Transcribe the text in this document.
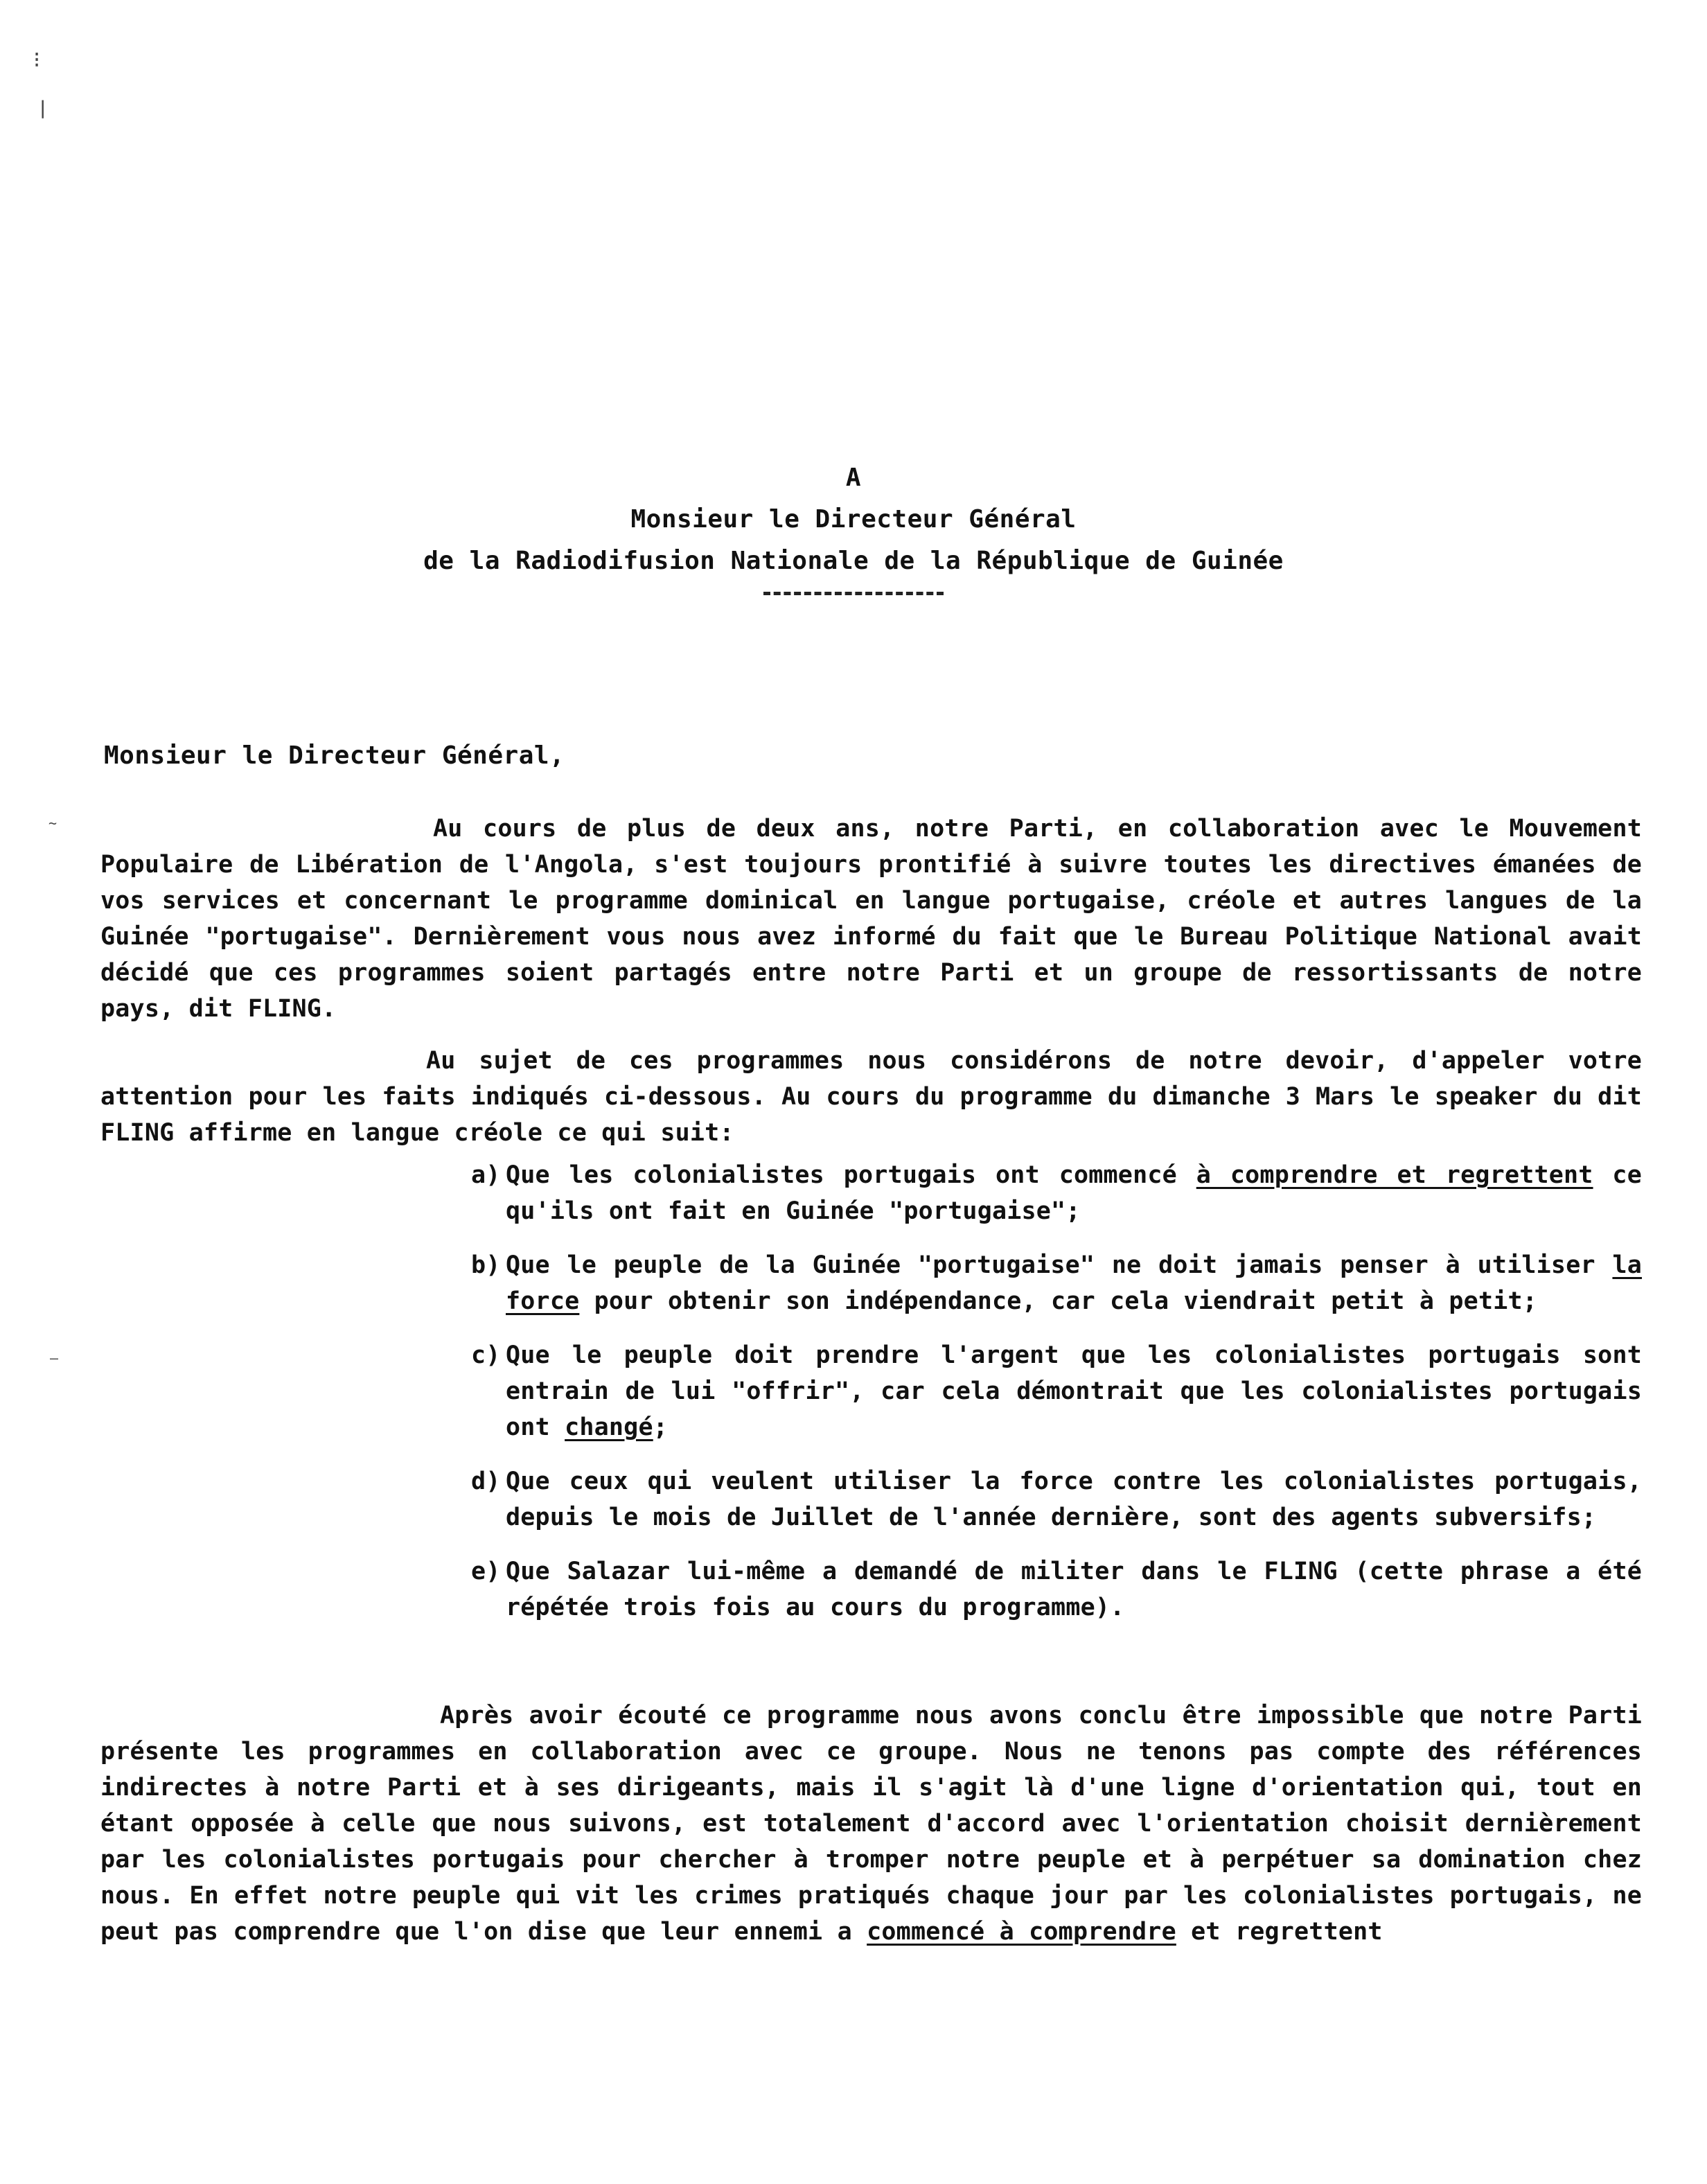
⁝
❘
~
–
A
Monsieur le Directeur Général
de la Radiodifusion Nationale de la République de Guinée
Monsieur le Directeur Général,
Au cours de plus de deux ans, notre Parti, en collaboration avec le Mouvement Populaire de Libération de l'Angola, s'est toujours prontifié à suivre toutes les directives émanées de vos services et concernant le programme dominical en langue portugaise, créole et autres langues de la Guinée "portugaise". Dernièrement vous nous avez informé du fait que le Bureau Politique National avait décidé que ces programmes soient partagés entre notre Parti et un groupe de ressortissants de notre pays, dit FLING.
Au sujet de ces programmes nous considérons de notre devoir, d'appeler votre attention pour les faits indiqués ci-dessous. Au cours du programme du dimanche 3 Mars le speaker du dit FLING affirme en langue créole ce qui suit:
a) Que les colonialistes portugais ont commencé à comprendre et regrettent ce qu'ils ont fait en Guinée "portugaise";
b) Que le peuple de la Guinée "portugaise" ne doit jamais penser à utiliser la force pour obtenir son indépendance, car cela viendrait petit à petit;
c) Que le peuple doit prendre l'argent que les colonialistes portugais sont entrain de lui "offrir", car cela démontrait que les colonialistes portugais ont changé;
d) Que ceux qui veulent utiliser la force contre les colonialistes portugais, depuis le mois de Juillet de l'année dernière, sont des agents subversifs;
e) Que Salazar lui-même a demandé de militer dans le FLING (cette phrase a été répétée trois fois au cours du programme).
Après avoir écouté ce programme nous avons conclu être impossible que notre Parti présente les programmes en collaboration avec ce groupe. Nous ne tenons pas compte des références indirectes à notre Parti et à ses dirigeants, mais il s'agit là d'une ligne d'orientation qui, tout en étant opposée à celle que nous suivons, est totalement d'accord avec l'orientation choisit dernièrement par les colonialistes portugais pour chercher à tromper notre peuple et à perpétuer sa domination chez nous. En effet notre peuple qui vit les crimes pratiqués chaque jour par les colonialistes portugais, ne peut pas comprendre que l'on dise que leur ennemi a commencé à comprendre et regrettent
